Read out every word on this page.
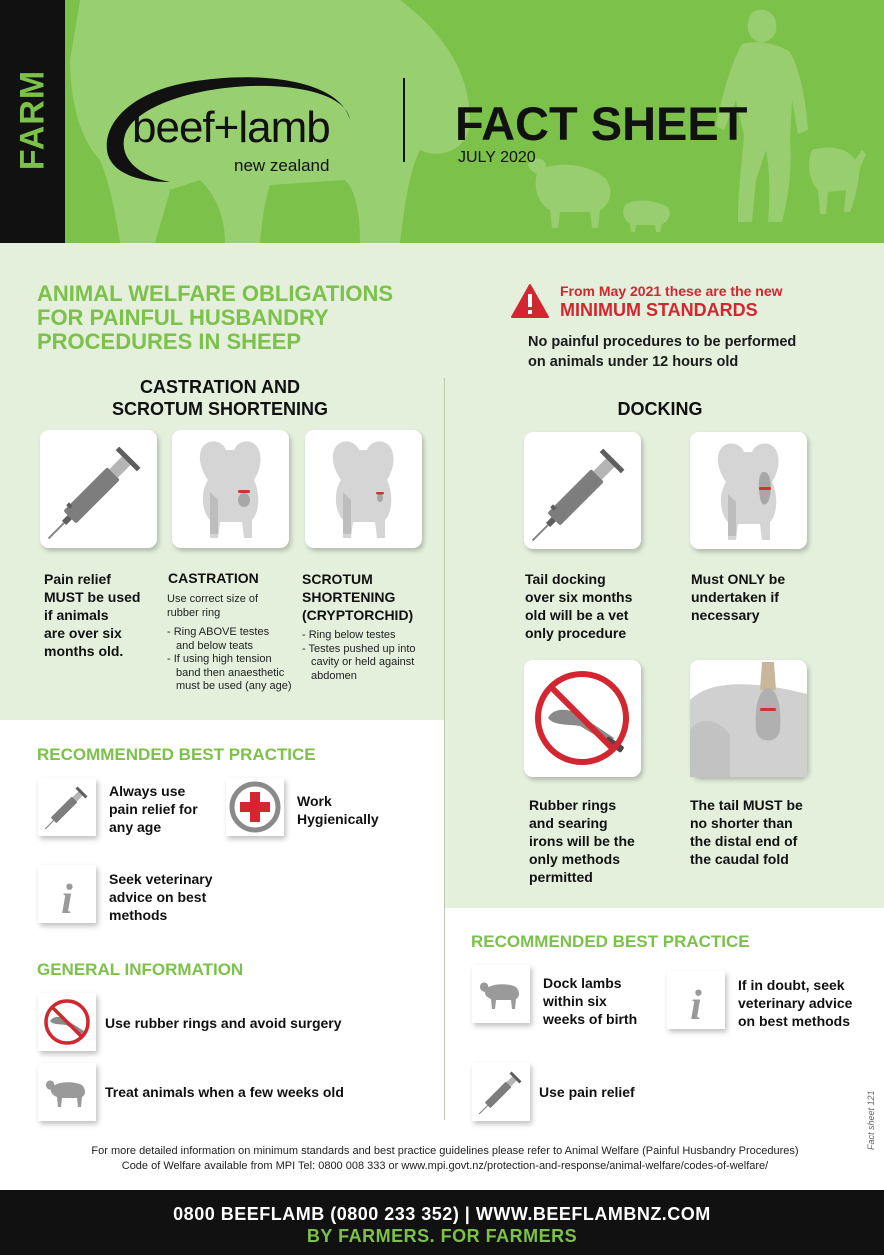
FARM beef+lamb
new zealand
FACT SHEET
JULY 2020
ANIMAL WELFARE OBLIGATIONS
FOR PAINFUL HUSBANDRY
PROCEDURES IN SHEEP
From May 2021 these are the new
MINIMUM STANDARDS
No painful procedures to be performed
on animals under 12 hours old
CASTRATION AND
SCROTUM SHORTENING
Pain relief
MUST be used
if animals
are over six
months old.
CASTRATION
Use correct size of
rubber ring
- Ring ABOVE testes
and below teats
- If using high tension
band then anaesthetic
must be used (any age)
SCROTUM
SHORTENING
(CRYPTORCHID)
- Ring below testes
- Testes pushed up into
cavity or held against
abdomen
DOCKING
Tail docking
over six months
old will be a vet
only procedure
Must ONLY be
undertaken if
necessary
Rubber rings
and searing
irons will be the
only methods
permitted
The tail MUST be
no shorter than
the distal end of
the caudal fold
RECOMMENDED BEST PRACTICE
Always use
pain relief for
any age
Work
Hygienically
i	Seek veterinary
advice on best
methods
GENERAL INFORMATION
Use rubber rings and avoid surgery
Treat animals when a few weeks old
RECOMMENDED BEST PRACTICE
Dock lambs
within six
weeks of birth i	If in doubt, seek
veterinary advice
on best methods
Use pain relief
For more detailed information on minimum standards and best practice guidelines please refer to Animal Welfare (Painful Husbandry Procedures)
Code of Welfare available from MPI Tel: 0800 008 333 or www.mpi.govt.nz/protection-and-response/animal-welfare/codes-of-welfare/
Fact sheet 121
0800 BEEFLAMB (0800 233 352) | WWW.BEEFLAMBNZ.COM
BY FARMERS. FOR FARMERS
